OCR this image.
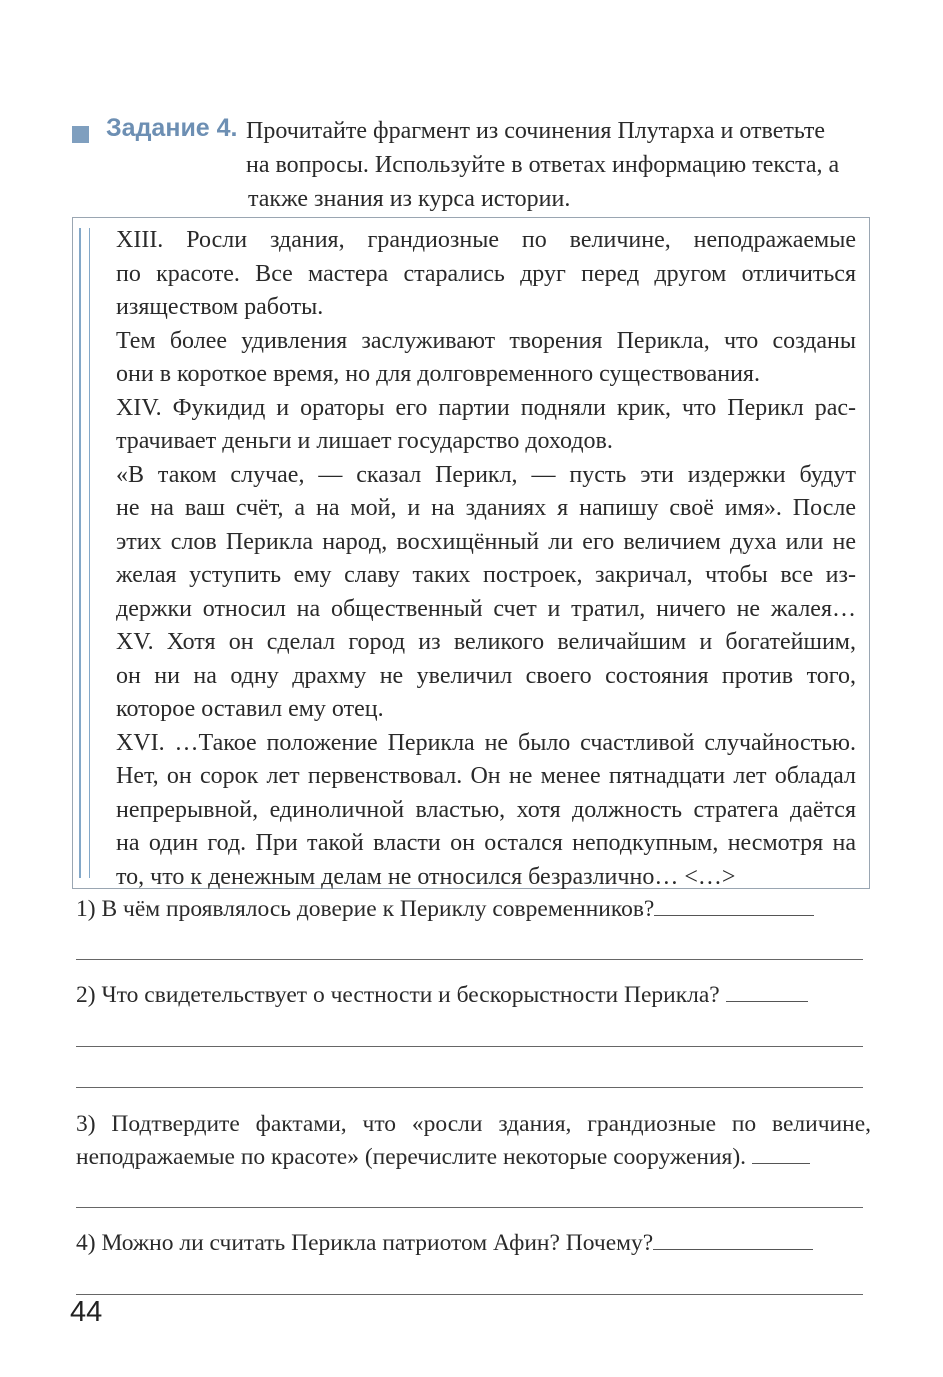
Задание 4. Прочитайте фрагмент из сочинения Плутарха и ответьте
на вопросы. Используйте в ответах информацию текста, а
также знания из курса истории.
XIII. Росли здания, грандиозные по величине, неподражаемые
по красоте. Все мастера старались друг перед другом отличиться
изяществом работы.
Тем более удивления заслуживают творения Перикла, что созданы
они в короткое время, но для долговременного существования.
XIV. Фукидид и ораторы его партии подняли крик, что Перикл рас-
трачивает деньги и лишает государство доходов.
«В таком случае, — сказал Перикл, — пусть эти издержки будут
не на ваш счёт, а на мой, и на зданиях я напишу своё имя». После
этих слов Перикла народ, восхищённый ли его величием духа или не
желая уступить ему славу таких построек, закричал, чтобы все из-
держки относил на общественный счет и тратил, ничего не жалея…
XV. Хотя он сделал город из великого величайшим и богатейшим,
он ни на одну драхму не увеличил своего состояния против того,
которое оставил ему отец.
XVI. …Такое положение Перикла не было счастливой случайностью.
Нет, он сорок лет первенствовал. Он не менее пятнадцати лет обладал
непрерывной, единоличной властью, хотя должность стратега даётся
на один год. При такой власти он остался неподкупным, несмотря на
то, что к денежным делам не относился безразлично… <…>
1) В чём проявлялось доверие к Периклу современников?
2) Что свидетельствует о честности и бескорыстности Перикла?
3) Подтвердите фактами, что «росли здания, грандиозные по величине,
неподражаемые по красоте» (перечислите некоторые сооружения).
4) Можно ли считать Перикла патриотом Афин? Почему?
44
